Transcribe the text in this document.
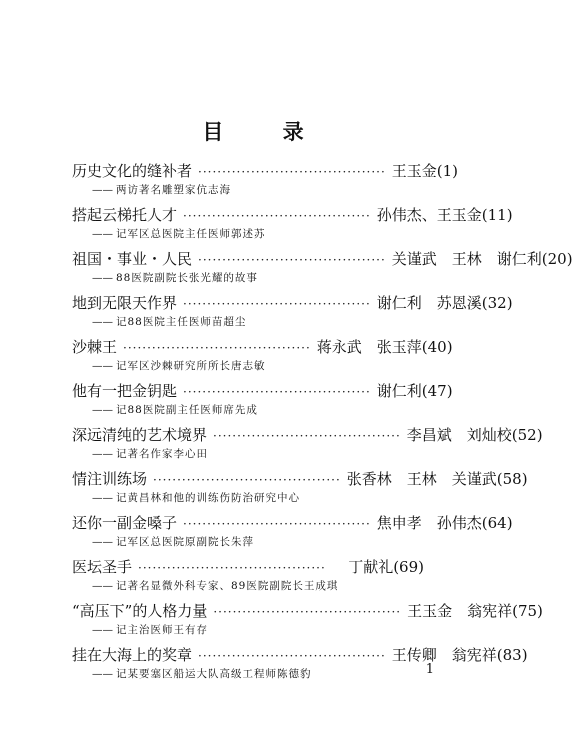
目 录
历史文化的缝补者 ······································· 王玉金(1)
—— 两访著名雕塑家伉志海
搭起云梯托人才 ······································· 孙伟杰、王玉金(11)
—— 记军区总医院主任医师郭述苏
祖国・事业・人民 ······································· 关谨武　王林　谢仁利(20)
—— 88医院副院长张光耀的故事
地到无限天作界 ······································· 谢仁利　苏恩溪(32)
—— 记88医院主任医师苗超尘
沙棘王 ······································· 蒋永武　张玉萍(40)
—— 记军区沙棘研究所所长唐志敏
他有一把金钥匙 ······································· 谢仁利(47)
—— 记88医院副主任医师席先成
深远清纯的艺术境界 ······································· 李昌斌　刘灿校(52)
—— 记著名作家李心田
情注训练场 ······································· 张香林　王林　关谨武(58)
—— 记黄昌林和他的训练伤防治研究中心
还你一副金嗓子 ······································· 焦申孝　孙伟杰(64)
—— 记军区总医院原副院长朱萍
医坛圣手 ·······································	丁献礼(69)
—— 记著名显微外科专家、89医院副院长王成琪
“高压下”的人格力量 ······································· 王玉金　翁宪祥(75)
—— 记主治医师王有存
挂在大海上的奖章 ······································· 王传卿　翁宪祥(83)
—— 记某要塞区船运大队高级工程师陈德豹	1
